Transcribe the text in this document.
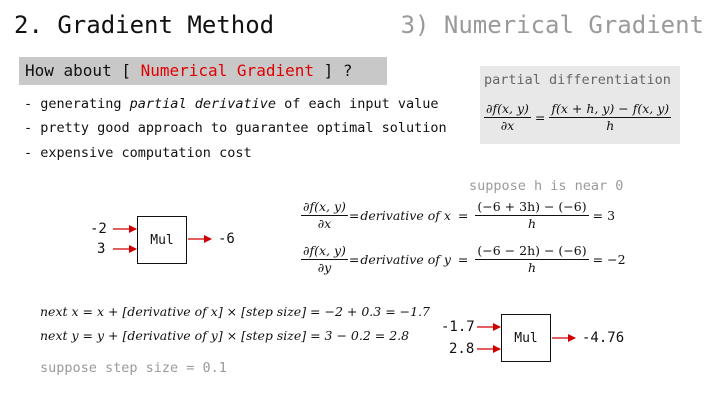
2. Gradient Method	3) Numerical Gradient
How about [ Numerical Gradient ] ?
- generating partial derivative of each input value
- pretty good approach to guarantee optimal solution
- expensive computation cost
partial differentiation
$\frac{\partial f(x, y)}{\partial x} = \frac{f(x + h, y) - f(x, y)}{h}$
suppose h is near 0
-2
3
Mul	-6
$\frac{\partial f(x, y)}{\partial x}$ = derivative of $x = \frac{(-6 + 3h) - (-6)}{h} = 3$
$\frac{\partial f(x, y)}{\partial y}$ = derivative of $y = \frac{(-6 - 2h) - (-6)}{h} = -2$
next x = x + [derivative of x] × [step size] = −2 + 0.3 = −1.7
next y = y + [derivative of y] × [step size] = 3 − 0.2 = 2.8
suppose step size = 0.1
-1.7
2.8
Mul	-4.76
